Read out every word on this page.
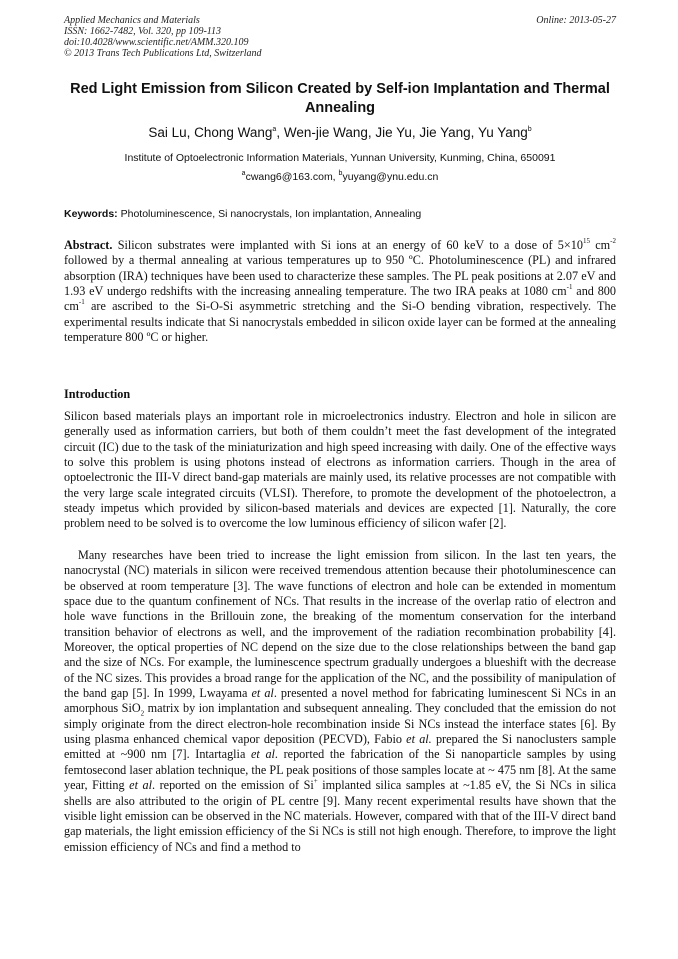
Applied Mechanics and Materials
ISSN: 1662-7482, Vol. 320, pp 109-113
doi:10.4028/www.scientific.net/AMM.320.109
© 2013 Trans Tech Publications Ltd, Switzerland
Online: 2013-05-27
Red Light Emission from Silicon Created by Self-ion Implantation and Thermal Annealing
Sai Lu, Chong Wang$^a$, Wen-jie Wang, Jie Yu, Jie Yang, Yu Yang$^b$
Institute of Optoelectronic Information Materials, Yunnan University, Kunming, China, 650091
$^a$cwang6@163.com, $^b$yuyang@ynu.edu.cn
Keywords: Photoluminescence, Si nanocrystals, Ion implantation, Annealing
Abstract. Silicon substrates were implanted with Si ions at an energy of 60 keV to a dose of $5\times 10^{15}$ $cm^{-2}$ followed by a thermal annealing at various temperatures up to 950 ºC. Photoluminescence (PL) and infrared absorption (IRA) techniques have been used to characterize these samples. The PL peak positions at 2.07 eV and 1.93 eV undergo redshifts with the increasing annealing temperature. The two IRA peaks at 1080 $cm^{-1}$ and 800 $cm^{-1}$ are ascribed to the Si-O-Si asymmetric stretching and the Si-O bending vibration, respectively. The experimental results indicate that Si nanocrystals embedded in silicon oxide layer can be formed at the annealing temperature 800 ºC or higher.
Introduction
Silicon based materials plays an important role in microelectronics industry. Electron and hole in silicon are generally used as information carriers, but both of them couldn’t meet the fast development of the integrated circuit (IC) due to the task of the miniaturization and high speed increasing with daily. One of the effective ways to solve this problem is using photons instead of electrons as information carriers. Though in the area of optoelectronic the III-V direct band-gap materials are mainly used, its relative processes are not compatible with the very large scale integrated circuits (VLSI). Therefore, to promote the development of the photoelectron, a steady impetus which provided by silicon-based materials and devices are expected [1]. Naturally, the core problem need to be solved is to overcome the low luminous efficiency of silicon wafer [2].
Many researches have been tried to increase the light emission from silicon. In the last ten years, the nanocrystal (NC) materials in silicon were received tremendous attention because their photoluminescence can be observed at room temperature [3]. The wave functions of electron and hole can be extended in momentum space due to the quantum confinement of NCs. That results in the increase of the overlap ratio of electron and hole wave functions in the Brillouin zone, the breaking of the momentum conservation for the interband transition behavior of electrons as well, and the improvement of the radiation recombination probability [4]. Moreover, the optical properties of NC depend on the size due to the close relationships between the band gap and the size of NCs. For example, the luminescence spectrum gradually undergoes a blueshift with the decrease of the NC sizes. This provides a broad range for the application of the NC, and the possibility of manipulation of the band gap [5]. In 1999, Lwayama et al. presented a novel method for fabricating luminescent Si NCs in an amorphous SiO$_2$ matrix by ion implantation and subsequent annealing. They concluded that the emission do not simply originate from the direct electron-hole recombination inside Si NCs instead the interface states [6]. By using plasma enhanced chemical vapor deposition (PECVD), Fabio et al. prepared the Si nanoclusters sample emitted at ~900 nm [7]. Intartaglia et al. reported the fabrication of the Si nanoparticle samples by using femtosecond laser ablation technique, the PL peak positions of those samples locate at ~ 475 nm [8]. At the same year, Fitting et al. reported on the emission of Si+ implanted silica samples at ~1.85 eV, the Si NCs in silica shells are also attributed to the origin of PL centre [9]. Many recent experimental results have shown that the visible light emission can be observed in the NC materials. However, compared with that of the III-V direct band gap materials, the light emission efficiency of the Si NCs is still not high enough. Therefore, to improve the light emission efficiency of NCs and find a method to
